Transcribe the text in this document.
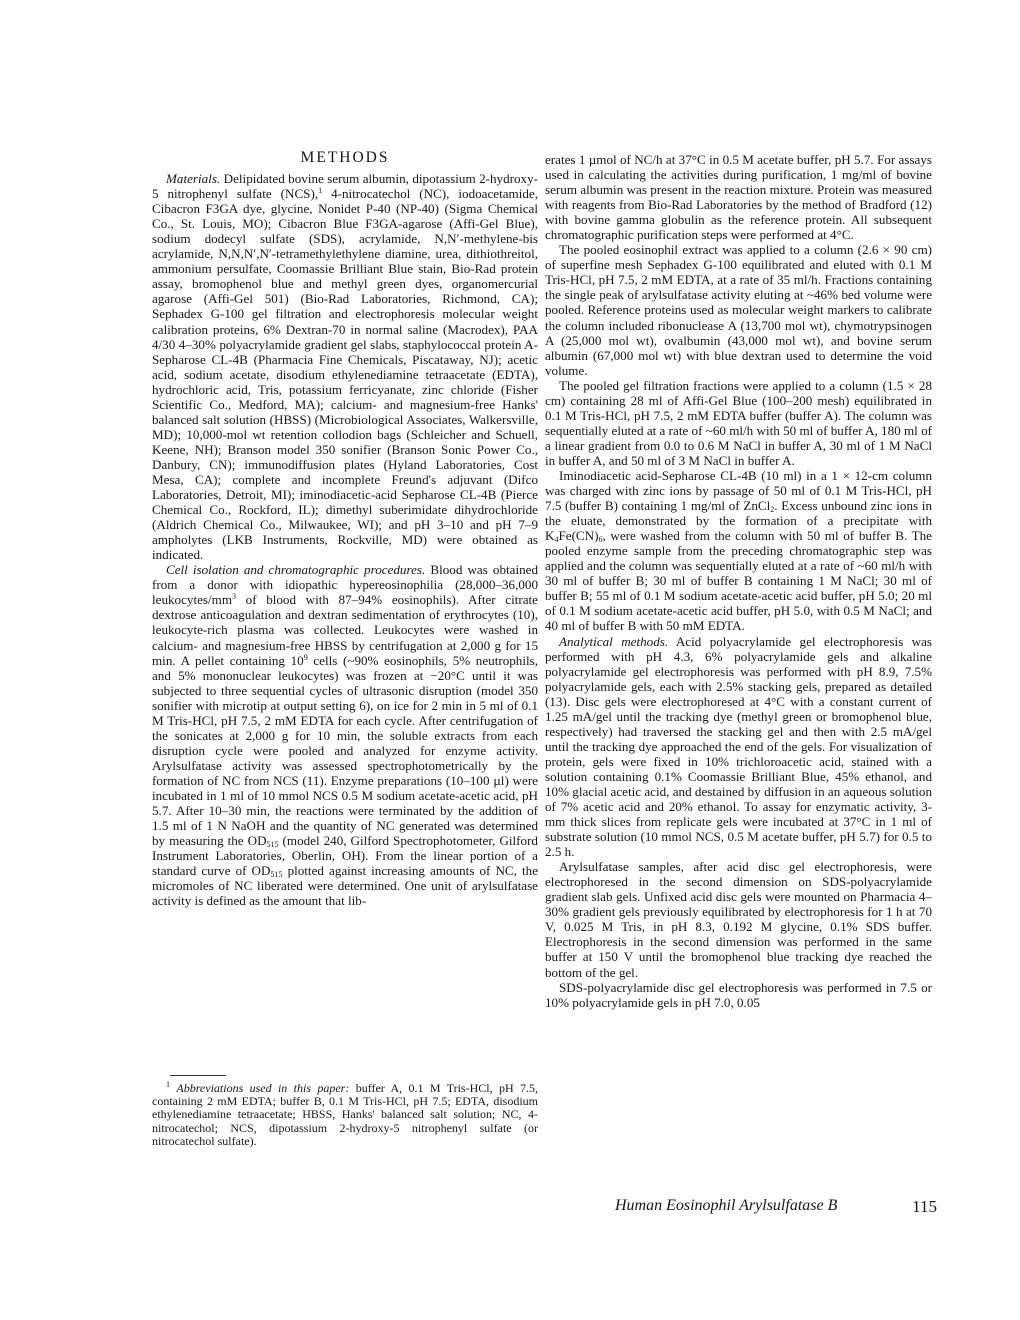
METHODS

Materials. Delipidated bovine serum albumin, dipotassium 2-hydroxy-5 nitrophenyl sulfate (NCS),$^1$ 4-nitrocatechol (NC), iodoacetamide, Cibacron F3GA dye, glycine, Nonidet P-40 (NP-40) (Sigma Chemical Co., St. Louis, MO); Cibacron Blue F3GA-agarose (Affi-Gel Blue), sodium dodecyl sulfate (SDS), acrylamide, N,N′-methylene-bis acrylamide, N,N,N′,N′-tetramethylethylene diamine, urea, dithiothreitol, ammonium persulfate, Coomassie Brilliant Blue stain, Bio-Rad protein assay, bromophenol blue and methyl green dyes, organomercurial agarose (Affi-Gel 501) (Bio-Rad Laboratories, Richmond, CA); Sephadex G-100 gel filtration and electrophoresis molecular weight calibration proteins, 6% Dextran-70 in normal saline (Macrodex), PAA 4/30 4–30% polyacrylamide gradient gel slabs, staphylococcal protein A-Sepharose CL-4B (Pharmacia Fine Chemicals, Piscataway, NJ); acetic acid, sodium acetate, disodium ethylenediamine tetraacetate (EDTA), hydrochloric acid, Tris, potassium ferricyanate, zinc chloride (Fisher Scientific Co., Medford, MA); calcium- and magnesium-free Hanks' balanced salt solution (HBSS) (Microbiological Associates, Walkersville, MD); 10,000-mol wt retention collodion bags (Schleicher and Schuell, Keene, NH); Branson model 350 sonifier (Branson Sonic Power Co., Danbury, CN); immunodiffusion plates (Hyland Laboratories, Cost Mesa, CA); complete and incomplete Freund's adjuvant (Difco Laboratories, Detroit, MI); iminodiacetic-acid Sepharose CL-4B (Pierce Chemical Co., Rockford, IL); dimethyl suberimidate dihydrochloride (Aldrich Chemical Co., Milwaukee, WI); and pH 3–10 and pH 7–9 ampholytes (LKB Instruments, Rockville, MD) were obtained as indicated.

Cell isolation and chromatographic procedures. Blood was obtained from a donor with idiopathic hypereosinophilia (28,000–36,000 leukocytes/$mm^3$ of blood with 87–94% eosinophils). After citrate dextrose anticoagulation and dextran sedimentation of erythrocytes (10), leukocyte-rich plasma was collected. Leukocytes were washed in calcium- and magnesium-free HBSS by centrifugation at 2,000 g for 15 min. A pellet containing $10^9$ cells (~90% eosinophils, 5% neutrophils, and 5% mononuclear leukocytes) was frozen at −20°C until it was subjected to three sequential cycles of ultrasonic disruption (model 350 sonifier with microtip at output setting 6), on ice for 2 min in 5 ml of 0.1 M Tris-HCl, pH 7.5, 2 mM EDTA for each cycle. After centrifugation of the sonicates at 2,000 g for 10 min, the soluble extracts from each disruption cycle were pooled and analyzed for enzyme activity. Arylsulfatase activity was assessed spectrophotometrically by the formation of NC from NCS (11). Enzyme preparations (10–100 µl) were incubated in 1 ml of 10 mmol NCS 0.5 M sodium acetate-acetic acid, pH 5.7. After 10–30 min, the reactions were terminated by the addition of 1.5 ml of 1 N NaOH and the quantity of NC generated was determined by measuring the $OD_{515}$ (model 240, Gilford Spectrophotometer, Gilford Instrument Laboratories, Oberlin, OH). From the linear portion of a standard curve of $OD_{515}$ plotted against increasing amounts of NC, the micromoles of NC liberated were determined. One unit of arylsulfatase activity is defined as the amount that lib-

$^1$ Abbreviations used in this paper: buffer A, 0.1 M Tris-HCl, pH 7.5, containing 2 mM EDTA; buffer B, 0.1 M Tris-HCl, pH 7.5; EDTA, disodium ethylenediamine tetraacetate; HBSS, Hanks' balanced salt solution; NC, 4-nitrocatechol; NCS, dipotassium 2-hydroxy-5 nitrophenyl sulfate (or nitrocatechol sulfate).

erates 1 µmol of NC/h at 37°C in 0.5 M acetate buffer, pH 5.7. For assays used in calculating the activities during purification, 1 mg/ml of bovine serum albumin was present in the reaction mixture. Protein was measured with reagents from Bio-Rad Laboratories by the method of Bradford (12) with bovine gamma globulin as the reference protein. All subsequent chromatographic purification steps were performed at 4°C.

The pooled eosinophil extract was applied to a column (2.6 × 90 cm) of superfine mesh Sephadex G-100 equilibrated and eluted with 0.1 M Tris-HCl, pH 7.5, 2 mM EDTA, at a rate of 35 ml/h. Fractions containing the single peak of arylsulfatase activity eluting at ~46% bed volume were pooled. Reference proteins used as molecular weight markers to calibrate the column included ribonuclease A (13,700 mol wt), chymotrypsinogen A (25,000 mol wt), ovalbumin (43,000 mol wt), and bovine serum albumin (67,000 mol wt) with blue dextran used to determine the void volume.

The pooled gel filtration fractions were applied to a column (1.5 × 28 cm) containing 28 ml of Affi-Gel Blue (100–200 mesh) equilibrated in 0.1 M Tris-HCl, pH 7.5, 2 mM EDTA buffer (buffer A). The column was sequentially eluted at a rate of ~60 ml/h with 50 ml of buffer A, 180 ml of a linear gradient from 0.0 to 0.6 M NaCl in buffer A, 30 ml of 1 M NaCl in buffer A, and 50 ml of 3 M NaCl in buffer A.

Iminodiacetic acid-Sepharose CL-4B (10 ml) in a 1 × 12-cm column was charged with zinc ions by passage of 50 ml of 0.1 M Tris-HCl, pH 7.5 (buffer B) containing 1 mg/ml of ZnCl$_2$. Excess unbound zinc ions in the eluate, demonstrated by the formation of a precipitate with $K_4Fe(CN)_6$, were washed from the column with 50 ml of buffer B. The pooled enzyme sample from the preceding chromatographic step was applied and the column was sequentially eluted at a rate of ~60 ml/h with 30 ml of buffer B; 30 ml of buffer B containing 1 M NaCl; 30 ml of buffer B; 55 ml of 0.1 M sodium acetate-acetic acid buffer, pH 5.0; 20 ml of 0.1 M sodium acetate-acetic acid buffer, pH 5.0, with 0.5 M NaCl; and 40 ml of buffer B with 50 mM EDTA.

Analytical methods. Acid polyacrylamide gel electrophoresis was performed with pH 4.3, 6% polyacrylamide gels and alkaline polyacrylamide gel electrophoresis was performed with pH 8.9, 7.5% polyacrylamide gels, each with 2.5% stacking gels, prepared as detailed (13). Disc gels were electrophoresed at 4°C with a constant current of 1.25 mA/gel until the tracking dye (methyl green or bromophenol blue, respectively) had traversed the stacking gel and then with 2.5 mA/gel until the tracking dye approached the end of the gels. For visualization of protein, gels were fixed in 10% trichloroacetic acid, stained with a solution containing 0.1% Coomassie Brilliant Blue, 45% ethanol, and 10% glacial acetic acid, and destained by diffusion in an aqueous solution of 7% acetic acid and 20% ethanol. To assay for enzymatic activity, 3-mm thick slices from replicate gels were incubated at 37°C in 1 ml of substrate solution (10 mmol NCS, 0.5 M acetate buffer, pH 5.7) for 0.5 to 2.5 h.

Arylsulfatase samples, after acid disc gel electrophoresis, were electrophoresed in the second dimension on SDS-polyacrylamide gradient slab gels. Unfixed acid disc gels were mounted on Pharmacia 4–30% gradient gels previously equilibrated by electrophoresis for 1 h at 70 V, 0.025 M Tris, in pH 8.3, 0.192 M glycine, 0.1% SDS buffer. Electrophoresis in the second dimension was performed in the same buffer at 150 V until the bromophenol blue tracking dye reached the bottom of the gel.

SDS-polyacrylamide disc gel electrophoresis was performed in 7.5 or 10% polyacrylamide gels in pH 7.0, 0.05

Human Eosinophil Arylsulfatase B	115
